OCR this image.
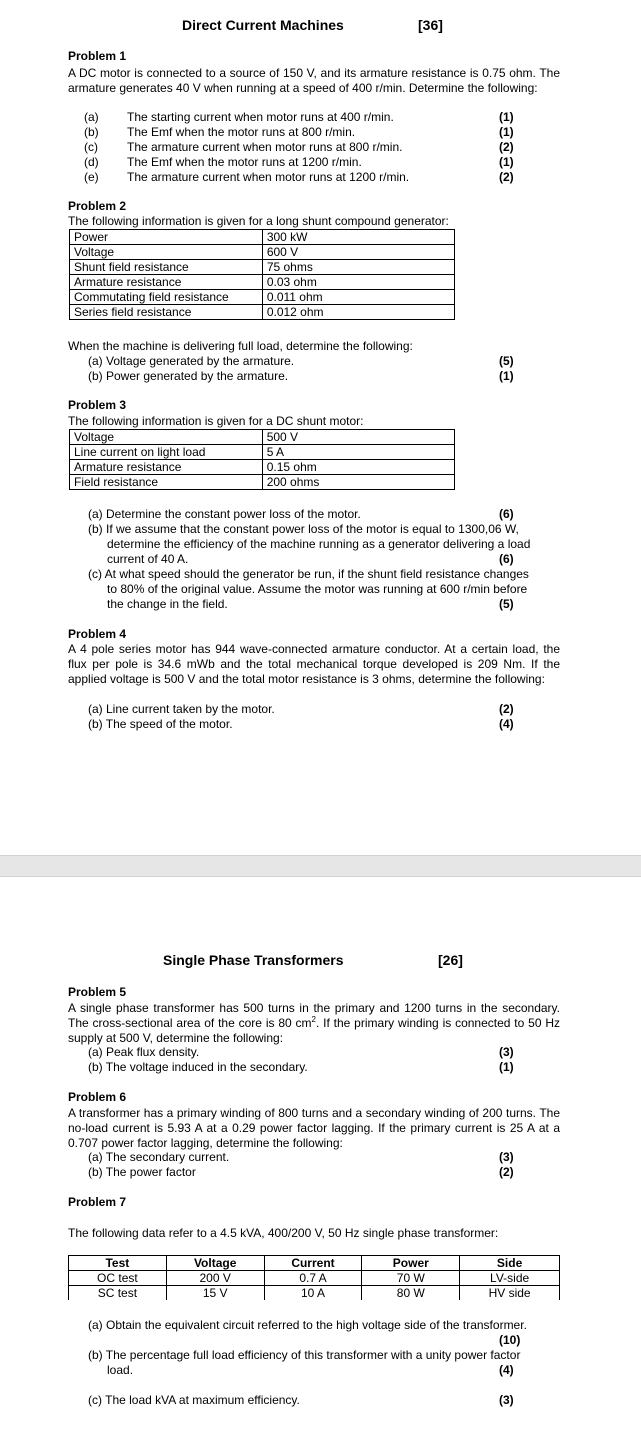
Direct Current Machines	[36]
Problem 1
A DC motor is connected to a source of 150 V, and its armature resistance is 0.75 ohm. The armature generates 40 V when running at a speed of 400 r/min. Determine the following:
(a) The starting current when motor runs at 400 r/min.	(1)
(b) The Emf when the motor runs at 800 r/min.	(1)
(c) The armature current when motor runs at 800 r/min.	(2)
(d) The Emf when the motor runs at 1200 r/min.	(1)
(e) The armature current when motor runs at 1200 r/min.	(2)
Problem 2
The following information is given for a long shunt compound generator:
Power	300 kW
Voltage	600 V
Shunt field resistance	75 ohms
Armature resistance	0.03 ohm
Commutating field resistance	0.011 ohm
Series field resistance	0.012 ohm
When the machine is delivering full load, determine the following:
(a) Voltage generated by the armature.	(5)
(b) Power generated by the armature.	(1)
Problem 3
The following information is given for a DC shunt motor:
Voltage	500 V
Line current on light load	5 A
Armature resistance	0.15 ohm
Field resistance	200 ohms
(a) Determine the constant power loss of the motor.	(6)
(b) If we assume that the constant power loss of the motor is equal to 1300,06 W,
determine the efficiency of the machine running as a generator delivering a load
current of 40 A.	(6)
(c) At what speed should the generator be run, if the shunt field resistance changes
to 80% of the original value. Assume the motor was running at 600 r/min before
the change in the field.	(5)
Problem 4
A 4 pole series motor has 944 wave-connected armature conductor. At a certain load, the flux per pole is 34.6 mWb and the total mechanical torque developed is 209 Nm. If the applied voltage is 500 V and the total motor resistance is 3 ohms, determine the following:
(a) Line current taken by the motor.	(2)
(b) The speed of the motor.	(4)
Single Phase Transformers	[26]
Problem 5
A single phase transformer has 500 turns in the primary and 1200 turns in the secondary. The cross-sectional area of the core is 80 $cm^2$. If the primary winding is connected to 50 Hz supply at 500 V, determine the following:
(a) Peak flux density.	(3)
(b) The voltage induced in the secondary.	(1)
Problem 6
A transformer has a primary winding of 800 turns and a secondary winding of 200 turns. The no-load current is 5.93 A at a 0.29 power factor lagging. If the primary current is 25 A at a 0.707 power factor lagging, determine the following:
(a) The secondary current.	(3)
(b) The power factor	(2)
Problem 7
The following data refer to a 4.5 kVA, 400/200 V, 50 Hz single phase transformer:
Test	Voltage	Current	Power	Side
OC test	200 V	0.7 A	70 W	LV-side
SC test	15 V	10 A	80 W	HV side
(a) Obtain the equivalent circuit referred to the high voltage side of the transformer.
(10)
(b) The percentage full load efficiency of this transformer with a unity power factor
load.	(4)
(c) The load kVA at maximum efficiency.	(3)
